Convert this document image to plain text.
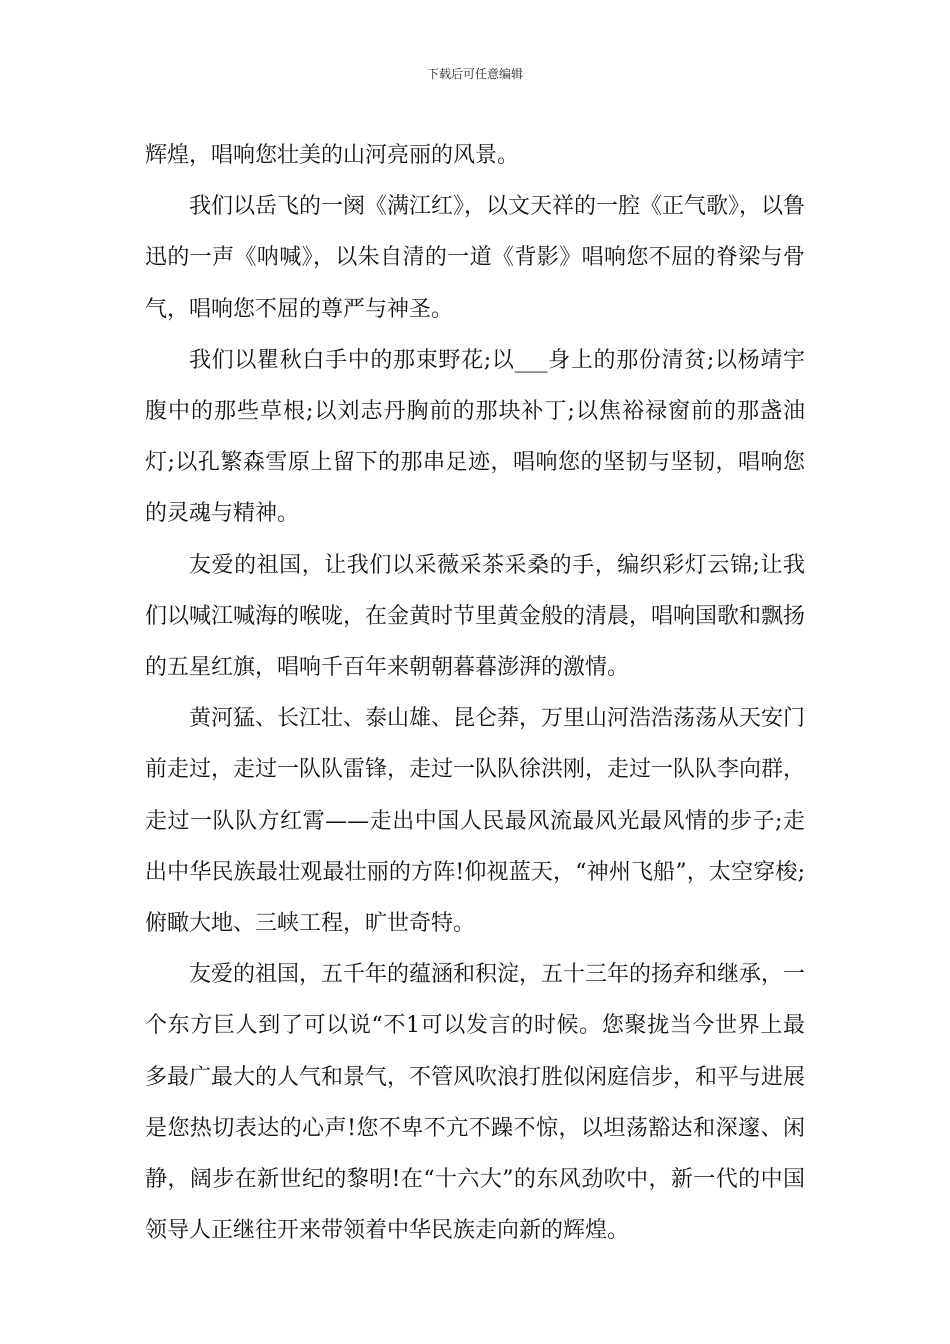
下载后可任意编辑

辉煌，唱响您壮美的山河亮丽的风景。

我们以岳飞的一阕《满江红》，以文天祥的一腔《正气歌》，以鲁迅的一声《呐喊》，以朱自清的一道《背影》唱响您不屈的脊梁与骨气，唱响您不屈的尊严与神圣。

我们以瞿秋白手中的那束野花;以___身上的那份清贫;以杨靖宇腹中的那些草根;以刘志丹胸前的那块补丁;以焦裕禄窗前的那盏油灯;以孔繁森雪原上留下的那串足迹，唱响您的坚韧与坚韧，唱响您的灵魂与精神。

友爱的祖国，让我们以采薇采茶采桑的手，编织彩灯云锦;让我们以喊江喊海的喉咙，在金黄时节里黄金般的清晨，唱响国歌和飘扬的五星红旗，唱响千百年来朝朝暮暮澎湃的激情。

黄河猛、长江壮、泰山雄、昆仑莽，万里山河浩浩荡荡从天安门前走过，走过一队队雷锋，走过一队队徐洪刚，走过一队队李向群，走过一队队方红霄——走出中国人民最风流最风光最风情的步子;走出中华民族最壮观最壮丽的方阵!仰视蓝天，“神州飞船”，太空穿梭;俯瞰大地、三峡工程，旷世奇特。

友爱的祖国，五千年的蕴涵和积淀，五十三年的扬弃和继承，一个东方巨人到了可以说“不1可以发言的时候。您聚拢当今世界上最多最广最大的人气和景气，不管风吹浪打胜似闲庭信步，和平与进展是您热切表达的心声!您不卑不亢不躁不惊，以坦荡豁达和深邃、闲静，阔步在新世纪的黎明!在“十六大”的东风劲吹中，新一代的中国领导人正继往开来带领着中华民族走向新的辉煌。
